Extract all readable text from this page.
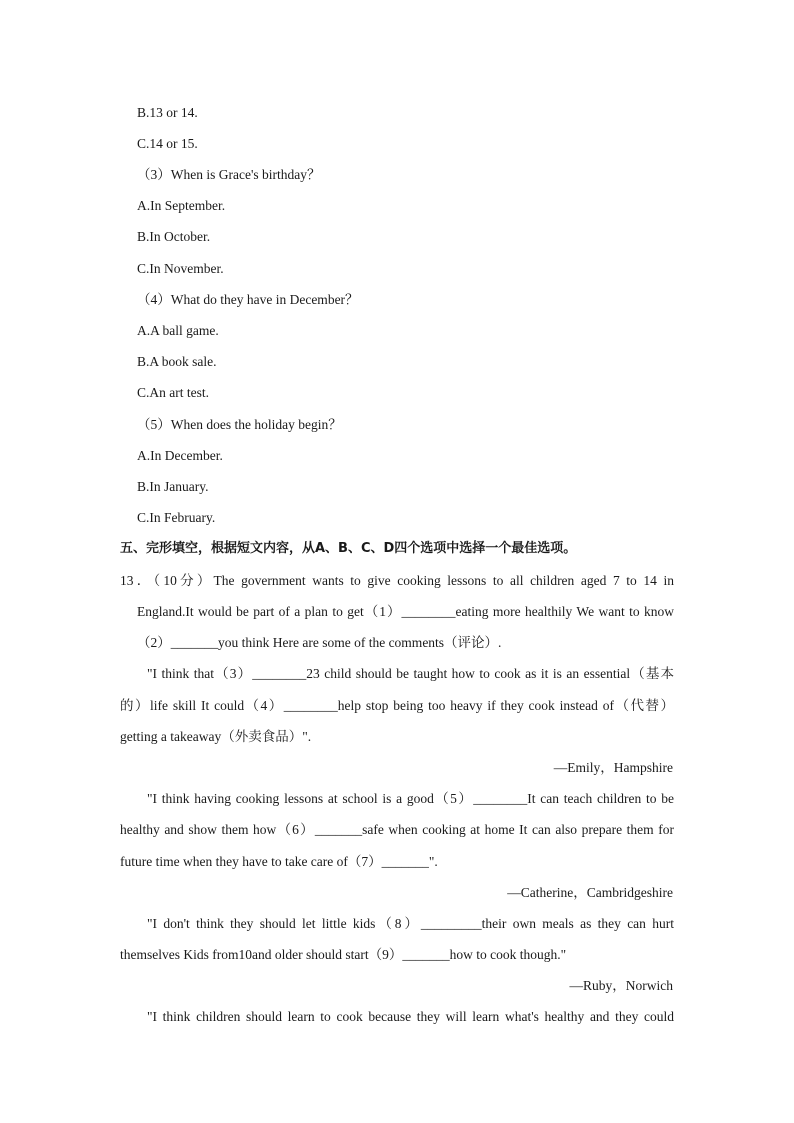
B.13 or 14.
C.14 or 15.
（3）When is Grace's birthday？
A.In September.
B.In October.
C.In November.
（4）What do they have in December？
A.A ball game.
B.A book sale.
C.An art test.
（5）When does the holiday begin？
A.In December.
B.In January.
C.In February.
五、完形填空，根据短文内容，从A、B、C、D四个选项中选择一个最佳选项。
13．（10分）The government wants to give cooking lessons to all children aged 7 to 14 in
England.It would be part of a plan to get（1）________eating more healthily We want to know
（2）_______you think Here are some of the comments（评论）.
"I think that（3）________23 child should be taught how to cook as it is an essential（基本
的）life skill It could（4）________help stop being too heavy if they cook instead of（代替）
getting a takeaway（外卖食品）".
—Emily，Hampshire
"I think having cooking lessons at school is a good（5）________It can teach children to be
healthy and show them how（6）_______safe when cooking at home It can also prepare them for
future time when they have to take care of（7）_______".
—Catherine，Cambridgeshire
"I don't think they should let little kids（8）_________their own meals as they can hurt
themselves Kids from10and older should start（9）_______how to cook though."
—Ruby，Norwich
"I think children should learn to cook because they will learn what's healthy and they could
